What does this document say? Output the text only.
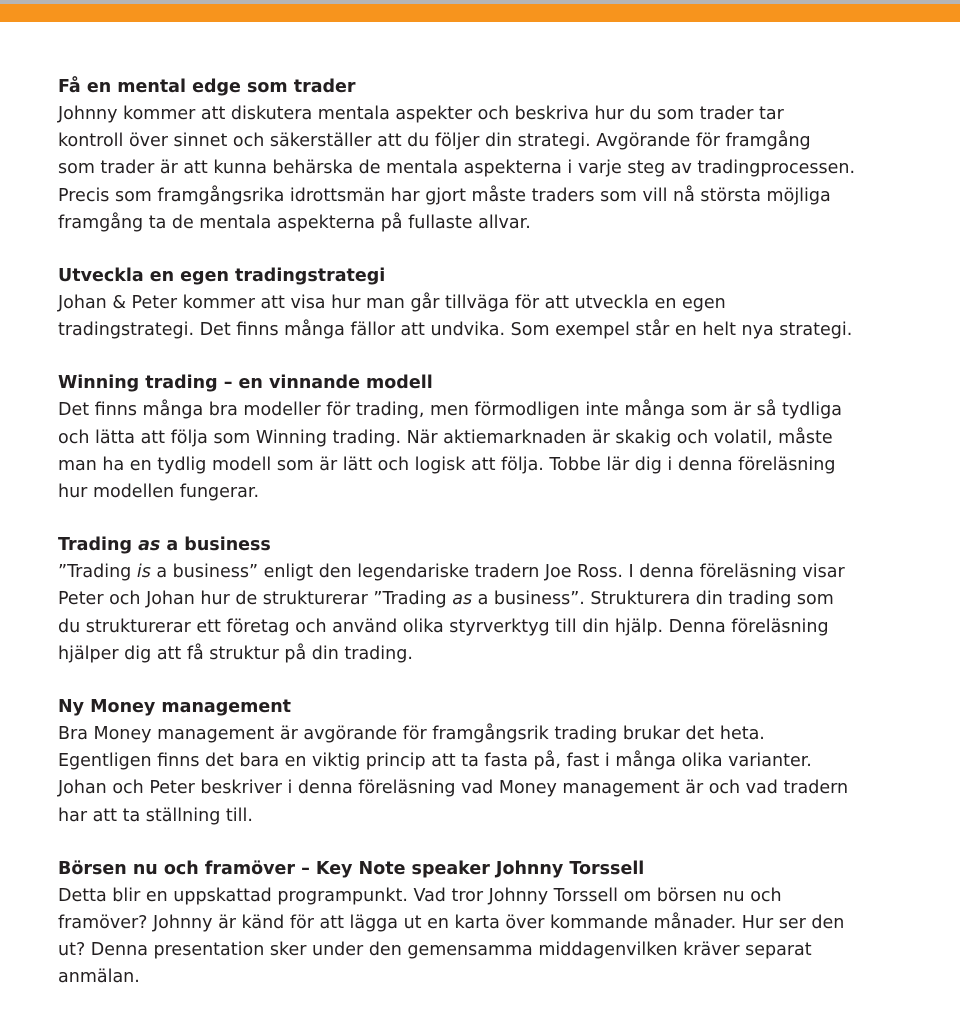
Få en mental edge som trader
Johnny kommer att diskutera mentala aspekter och beskriva hur du som trader tar
kontroll över sinnet och säkerställer att du följer din strategi. Avgörande för framgång
som trader är att kunna behärska de mentala aspekterna i varje steg av tradingprocessen.
Precis som framgångsrika idrottsmän har gjort måste traders som vill nå största möjliga
framgång ta de mentala aspekterna på fullaste allvar.
Utveckla en egen tradingstrategi
Johan & Peter kommer att visa hur man går tillväga för att utveckla en egen
tradingstrategi. Det finns många fällor att undvika. Som exempel står en helt nya strategi.
Winning trading – en vinnande modell
Det finns många bra modeller för trading, men förmodligen inte många som är så tydliga
och lätta att följa som Winning trading. När aktiemarknaden är skakig och volatil, måste
man ha en tydlig modell som är lätt och logisk att följa. Tobbe lär dig i denna föreläsning
hur modellen fungerar.
Trading as a business
”Trading is a business” enligt den legendariske tradern Joe Ross. I denna föreläsning visar
Peter och Johan hur de strukturerar ”Trading as a business”. Strukturera din trading som
du strukturerar ett företag och använd olika styrverktyg till din hjälp. Denna föreläsning
hjälper dig att få struktur på din trading.
Ny Money management
Bra Money management är avgörande för framgångsrik trading brukar det heta.
Egentligen finns det bara en viktig princip att ta fasta på, fast i många olika varianter.
Johan och Peter beskriver i denna föreläsning vad Money management är och vad tradern
har att ta ställning till.
Börsen nu och framöver – Key Note speaker Johnny Torssell
Detta blir en uppskattad programpunkt. Vad tror Johnny Torssell om börsen nu och
framöver? Johnny är känd för att lägga ut en karta över kommande månader. Hur ser den
ut? Denna presentation sker under den gemensamma middagenvilken kräver separat
anmälan.
